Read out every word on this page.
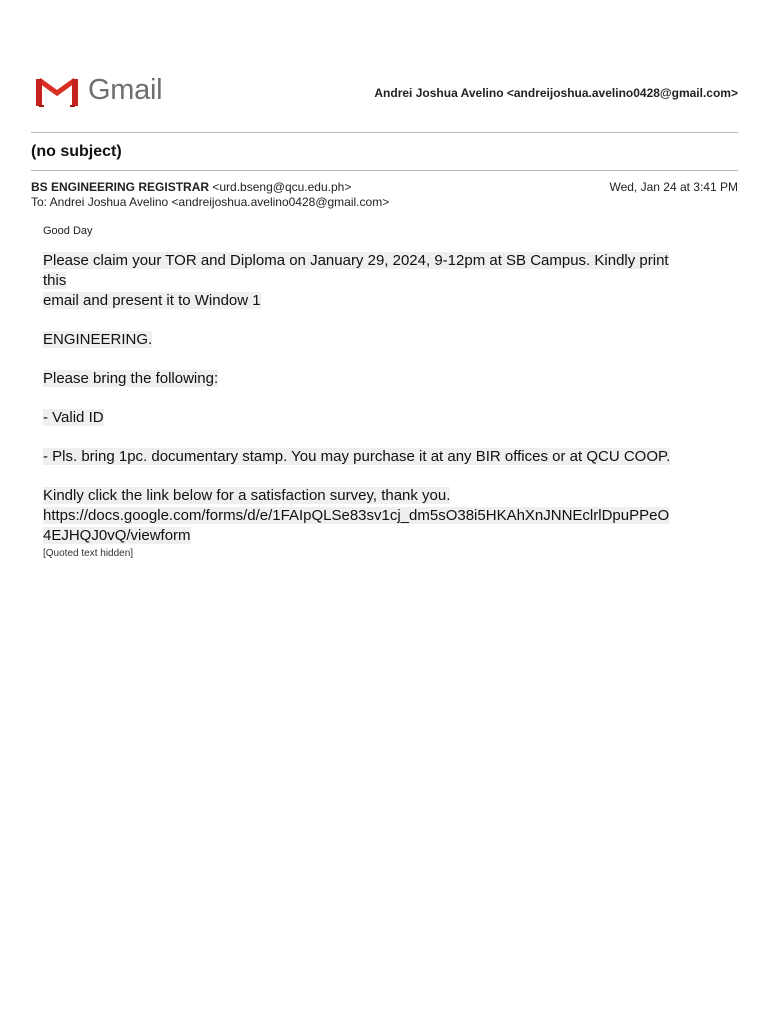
Gmail	Andrei Joshua Avelino <andreijoshua.avelino0428@gmail.com>
(no subject)
BS ENGINEERING REGISTRAR <urd.bseng@qcu.edu.ph>	Wed, Jan 24 at 3:41 PM
To: Andrei Joshua Avelino <andreijoshua.avelino0428@gmail.com>
Good Day
Please claim your TOR and Diploma on January 29, 2024, 9-12pm at SB Campus. Kindly print this
email and present it to Window 1
ENGINEERING.
Please bring the following:
- Valid ID
- Pls. bring 1pc. documentary stamp. You may purchase it at any BIR offices or at QCU COOP.
Kindly click the link below for a satisfaction survey, thank you.
https://docs.google.com/forms/d/e/1FAIpQLSe83sv1cj_dm5sO38i5HKAhXnJNNEclrlDpuPPeO
4EJHQJ0vQ/viewform
[Quoted text hidden]
